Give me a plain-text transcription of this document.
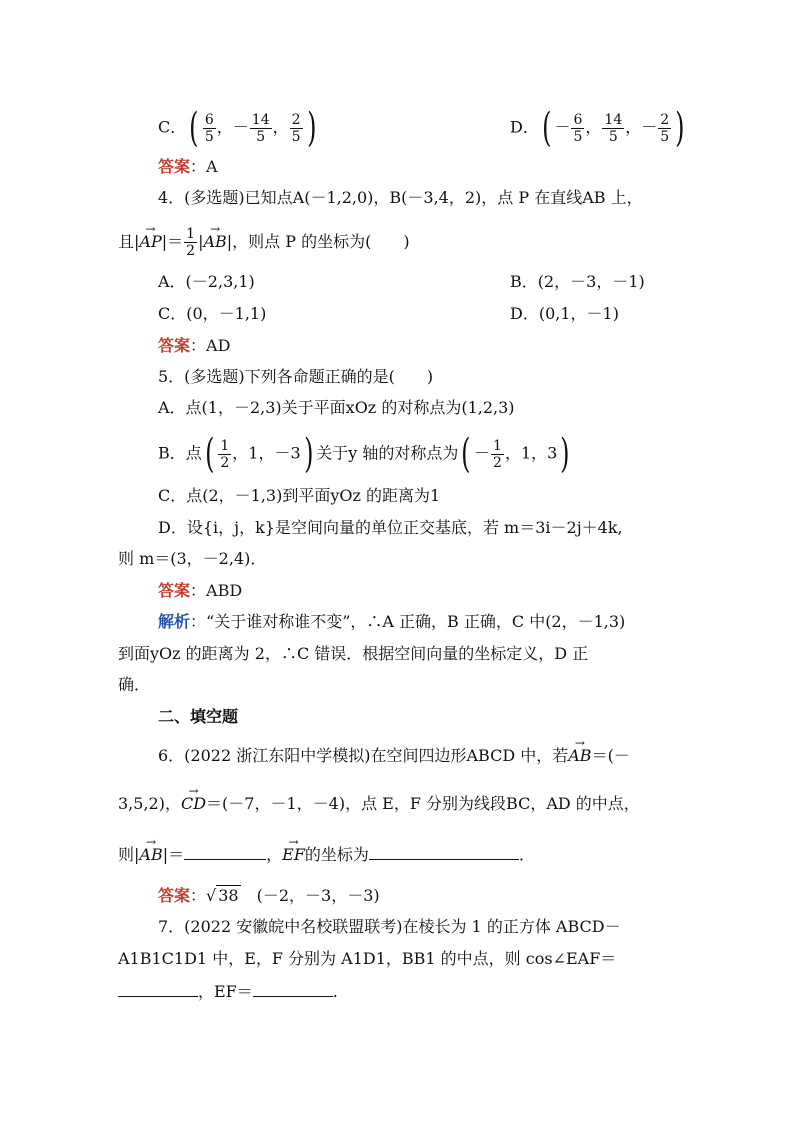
C．( $\frac{6}{5}$ ，－ $\frac{14}{5}$ ， $\frac{2}{5}$ )	D．( － $\frac{6}{5}$ ， $\frac{14}{5}$ ，－ $\frac{2}{5}$ )
答案：A
4．(多选题)已知点A(－1,2,0)，B(－3,4，2)，点 P 在直线AB 上，
且|→ $AP|= \frac{1}{2}$ |→ AB|，则点 P 的坐标为(　　)
A．(－2,3,1)	B．(2，－3，－1)
C．(0，－1,1)	D．(0,1，－1)
答案：AD
5．(多选题)下列各命题正确的是(　　)
A．点(1，－2,3)关于平面xOz 的对称点为(1,2,3)
B．点( $\frac{1}{2}$ ，1，－3) 关于y 轴的对称点为( － $\frac{1}{2}$ ，1，3)
C．点(2，－1,3)到平面yOz 的距离为1
D．设{i，j，k}是空间向量的单位正交基底，若 m＝3i－2j＋4k,
则 m＝(3，－2,4)．
答案：ABD
解析：“关于谁对称谁不变”，∴A 正确，B 正确，C 中(2，－1,3)
到面yOz 的距离为 2，∴C 错误．根据空间向量的坐标定义，D 正
确．
二、填空题
6．(2022 浙江东阳中学模拟)在空间四边形ABCD 中，若→ AB＝(－
3,5,2)，→ CD＝(－7，－1，－4)，点 E，F 分别为线段BC，AD 的中点，
则|→ AB|＝	，→ EF的坐标为	．
答案：√ 38　 (－2，－3，－3)
7．(2022 安徽皖中名校联盟联考)在棱长为 1 的正方体 ABCD－
A1B1C1D1 中，E，F 分别为 A1D1，BB1 的中点，则 cos∠EAF＝
，EF＝	.
